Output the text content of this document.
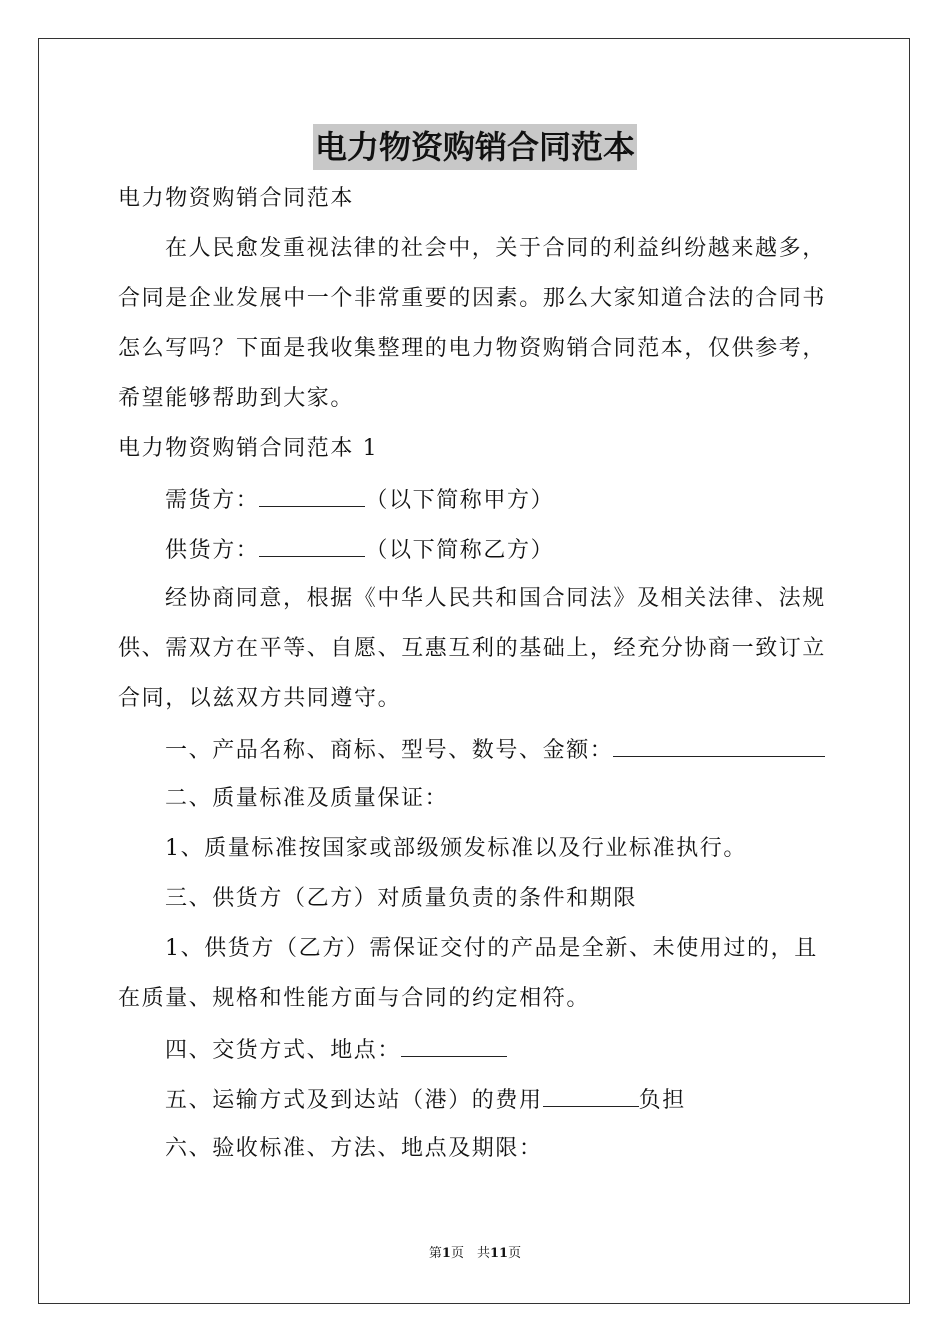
电力物资购销合同范本
电力物资购销合同范本
在人民愈发重视法律的社会中，关于合同的利益纠纷越来越多，
合同是企业发展中一个非常重要的因素。那么大家知道合法的合同书
怎么写吗？下面是我收集整理的电力物资购销合同范本，仅供参考，
希望能够帮助到大家。
电力物资购销合同范本 1
需货方：	（以下简称甲方）
供货方：	（以下简称乙方）
经协商同意，根据《中华人民共和国合同法》及相关法律、法规
供、需双方在平等、自愿、互惠互利的基础上，经充分协商一致订立
合同，以兹双方共同遵守。
一、产品名称、商标、型号、数号、金额：
二、质量标准及质量保证：
1、质量标准按国家或部级颁发标准以及行业标准执行。
三、供货方（乙方）对质量负责的条件和期限
1、供货方（乙方）需保证交付的产品是全新、未使用过的，且
在质量、规格和性能方面与合同的约定相符。
四、交货方式、地点：
五、运输方式及到达站（港）的费用	负担
六、验收标准、方法、地点及期限：
第1页　共11页
